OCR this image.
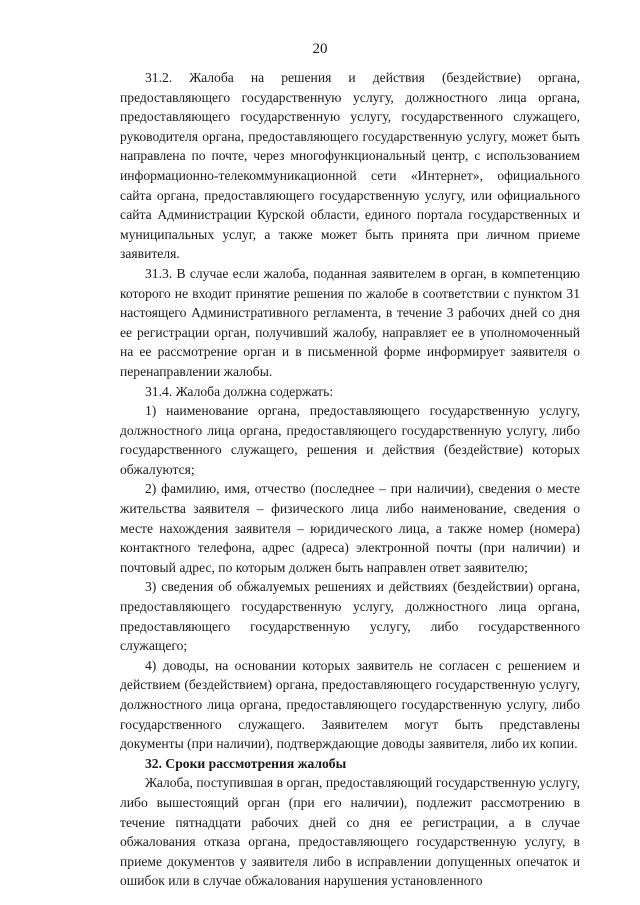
20

31.2. Жалоба на решения и действия (бездействие) органа, предоставляющего государственную услугу, должностного лица органа, предоставляющего государственную услугу, государственного служащего, руководителя органа, предоставляющего государственную услугу, может быть направлена по почте, через многофункциональный центр, с использованием информационно-телекоммуникационной сети «Интернет», официального сайта органа, предоставляющего государственную услугу, или официального сайта Администрации Курской области, единого портала государственных и муниципальных услуг, а также может быть принята при личном приеме заявителя.

31.3. В случае если жалоба, поданная заявителем в орган, в компетенцию которого не входит принятие решения по жалобе в соответствии с пунктом 31 настоящего Административного регламента, в течение 3 рабочих дней со дня ее регистрации орган, получивший жалобу, направляет ее в уполномоченный на ее рассмотрение орган и в письменной форме информирует заявителя о перенаправлении жалобы.

31.4. Жалоба должна содержать:

1) наименование органа, предоставляющего государственную услугу, должностного лица органа, предоставляющего государственную услугу, либо государственного служащего, решения и действия (бездействие) которых обжалуются;

2) фамилию, имя, отчество (последнее – при наличии), сведения о месте жительства заявителя – физического лица либо наименование, сведения о месте нахождения заявителя – юридического лица, а также номер (номера) контактного телефона, адрес (адреса) электронной почты (при наличии) и почтовый адрес, по которым должен быть направлен ответ заявителю;

3) сведения об обжалуемых решениях и действиях (бездействии) органа, предоставляющего государственную услугу, должностного лица органа, предоставляющего государственную услугу, либо государственного служащего;

4) доводы, на основании которых заявитель не согласен с решением и действием (бездействием) органа, предоставляющего государственную услугу, должностного лица органа, предоставляющего государственную услугу, либо государственного служащего. Заявителем могут быть представлены документы (при наличии), подтверждающие доводы заявителя, либо их копии.

32. Сроки рассмотрения жалобы

Жалоба, поступившая в орган, предоставляющий государственную услугу, либо вышестоящий орган (при его наличии), подлежит рассмотрению в течение пятнадцати рабочих дней со дня ее регистрации, а в случае обжалования отказа органа, предоставляющего государственную услугу, в приеме документов у заявителя либо в исправлении допущенных опечаток и ошибок или в случае обжалования нарушения установленного
